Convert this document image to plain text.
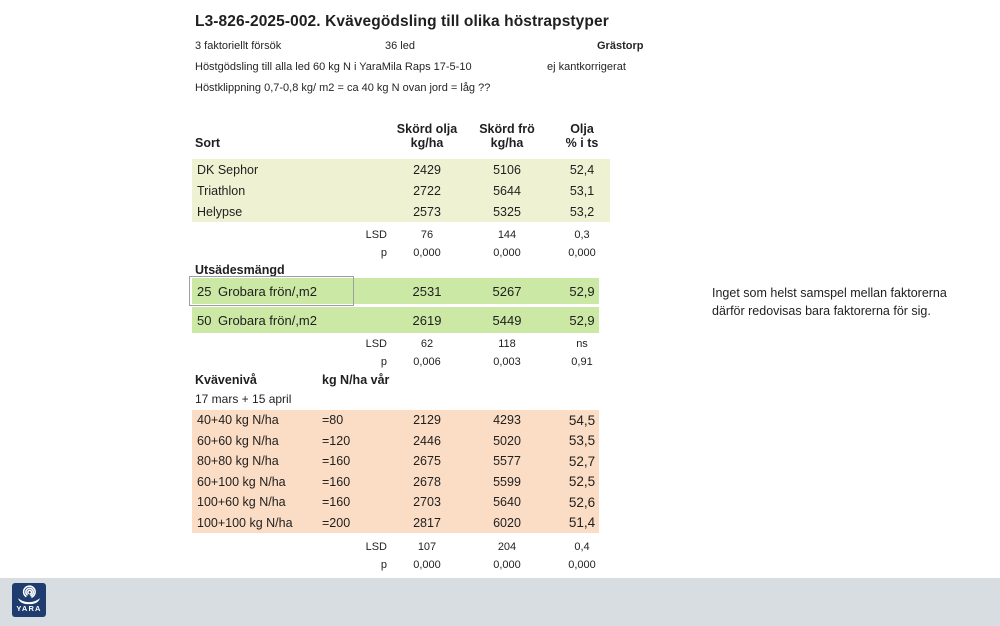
L3-826-2025-002. Kvävegödsling till olika höstrapstyper
3 faktoriellt försök	36 led	Grästorp
Höstgödsling till alla led 60 kg N i YaraMila Raps 17-5-10	ej kantkorrigerat
Höstklippning 0,7-0,8 kg/ m2 = ca 40 kg N ovan jord = låg ??
Skörd olja	Skörd frö	Olja
Sort	kg/ha	kg/ha	% i ts
DK Sephor	2429	5106	52,4
Triathlon	2722	5644	53,1
Helypse	2573	5325	53,2
LSD	76	144	0,3
p	0,000	0,000	0,000
Utsädesmängd
25 Grobara frön/,m2	2531	5267	52,9
50 Grobara frön/,m2	2619	5449	52,9
LSD	62	118	ns
p	0,006	0,003	0,91
Kvävenivå	kg N/ha vår
17 mars + 15 april
40+40 kg N/ha	=80	2129	4293	54,5
60+60 kg N/ha	=120	2446	5020	53,5
80+80 kg N/ha	=160	2675	5577	52,7
60+100 kg N/ha	=160	2678	5599	52,5
100+60 kg N/ha	=160	2703	5640	52,6
100+100 kg N/ha	=200	2817	6020	51,4
LSD	107	204	0,4
p	0,000	0,000	0,000
Inget som helst samspel mellan faktorerna
därför redovisas bara faktorerna för sig.
YARA
